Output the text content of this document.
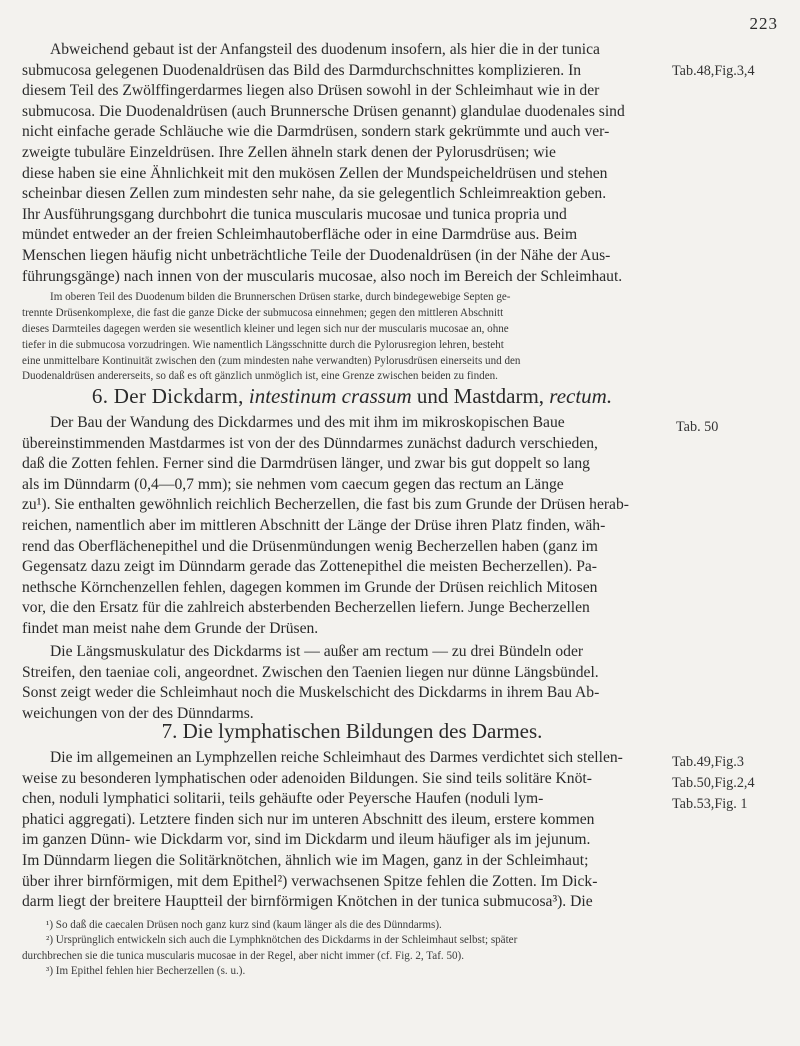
223
Abweichend gebaut ist der Anfangsteil des duodenum insofern, als hier die in der tunica
submucosa gelegenen Duodenaldrüsen das Bild des Darmdurchschnittes komplizieren. In
diesem Teil des Zwölffingerdarmes liegen also Drüsen sowohl in der Schleimhaut wie in der
submucosa. Die Duodenaldrüsen (auch Brunnersche Drüsen genannt) glandulae duodenales sind
nicht einfache gerade Schläuche wie die Darmdrüsen, sondern stark gekrümmte und auch ver-
zweigte tubuläre Einzeldrüsen. Ihre Zellen ähneln stark denen der Pylorusdrüsen; wie
diese haben sie eine Ähnlichkeit mit den mukösen Zellen der Mundspeicheldrüsen und stehen
scheinbar diesen Zellen zum mindesten sehr nahe, da sie gelegentlich Schleimreaktion geben.
Ihr Ausführungsgang durchbohrt die tunica muscularis mucosae und tunica propria und
mündet entweder an der freien Schleimhautoberfläche oder in eine Darmdrüse aus. Beim
Menschen liegen häufig nicht unbeträchtliche Teile der Duodenaldrüsen (in der Nähe der Aus-
führungsgänge) nach innen von der muscularis mucosae, also noch im Bereich der Schleimhaut.
Im oberen Teil des Duodenum bilden die Brunnerschen Drüsen starke, durch bindegewebige Septen ge-
trennte Drüsenkomplexe, die fast die ganze Dicke der submucosa einnehmen; gegen den mittleren Abschnitt
dieses Darmteiles dagegen werden sie wesentlich kleiner und legen sich nur der muscularis mucosae an, ohne
tiefer in die submucosa vorzudringen. Wie namentlich Längsschnitte durch die Pylorusregion lehren, besteht
eine unmittelbare Kontinuität zwischen den (zum mindesten nahe verwandten) Pylorusdrüsen einerseits und den
Duodenaldrüsen andererseits, so daß es oft gänzlich unmöglich ist, eine Grenze zwischen beiden zu finden.
6. Der Dickdarm, intestinum crassum und Mastdarm, rectum.
Der Bau der Wandung des Dickdarmes und des mit ihm im mikroskopischen Baue
übereinstimmenden Mastdarmes ist von der des Dünndarmes zunächst dadurch verschieden,
daß die Zotten fehlen. Ferner sind die Darmdrüsen länger, und zwar bis gut doppelt so lang
als im Dünndarm (0,4—0,7 mm); sie nehmen vom caecum gegen das rectum an Länge
zu¹). Sie enthalten gewöhnlich reichlich Becherzellen, die fast bis zum Grunde der Drüsen herab-
reichen, namentlich aber im mittleren Abschnitt der Länge der Drüse ihren Platz finden, wäh-
rend das Oberflächenepithel und die Drüsenmündungen wenig Becherzellen haben (ganz im
Gegensatz dazu zeigt im Dünndarm gerade das Zottenepithel die meisten Becherzellen). Pa-
nethsche Körnchenzellen fehlen, dagegen kommen im Grunde der Drüsen reichlich Mitosen
vor, die den Ersatz für die zahlreich absterbenden Becherzellen liefern. Junge Becherzellen
findet man meist nahe dem Grunde der Drüsen.
Die Längsmuskulatur des Dickdarms ist — außer am rectum — zu drei Bündeln oder
Streifen, den taeniae coli, angeordnet. Zwischen den Taenien liegen nur dünne Längsbündel.
Sonst zeigt weder die Schleimhaut noch die Muskelschicht des Dickdarms in ihrem Bau Ab-
weichungen von der des Dünndarms.
7. Die lymphatischen Bildungen des Darmes.
Die im allgemeinen an Lymphzellen reiche Schleimhaut des Darmes verdichtet sich stellen-
weise zu besonderen lymphatischen oder adenoiden Bildungen. Sie sind teils solitäre Knöt-
chen, noduli lymphatici solitarii, teils gehäufte oder Peyersche Haufen (noduli lym-
phatici aggregati). Letztere finden sich nur im unteren Abschnitt des ileum, erstere kommen
im ganzen Dünn- wie Dickdarm vor, sind im Dickdarm und ileum häufiger als im jejunum.
Im Dünndarm liegen die Solitärknötchen, ähnlich wie im Magen, ganz in der Schleimhaut;
über ihrer birnförmigen, mit dem Epithel²) verwachsenen Spitze fehlen die Zotten. Im Dick-
darm liegt der breitere Hauptteil der birnförmigen Knötchen in der tunica submucosa³). Die
¹) So daß die caecalen Drüsen noch ganz kurz sind (kaum länger als die des Dünndarms).
²) Ursprünglich entwickeln sich auch die Lymphknötchen des Dickdarms in der Schleimhaut selbst; später
durchbrechen sie die tunica muscularis mucosae in der Regel, aber nicht immer (cf. Fig. 2, Taf. 50).
³) Im Epithel fehlen hier Becherzellen (s. u.).
Tab.48,Fig.3,4
Tab. 50
Tab.49,Fig.3
Tab.50,Fig.2,4
Tab.53,Fig. 1
